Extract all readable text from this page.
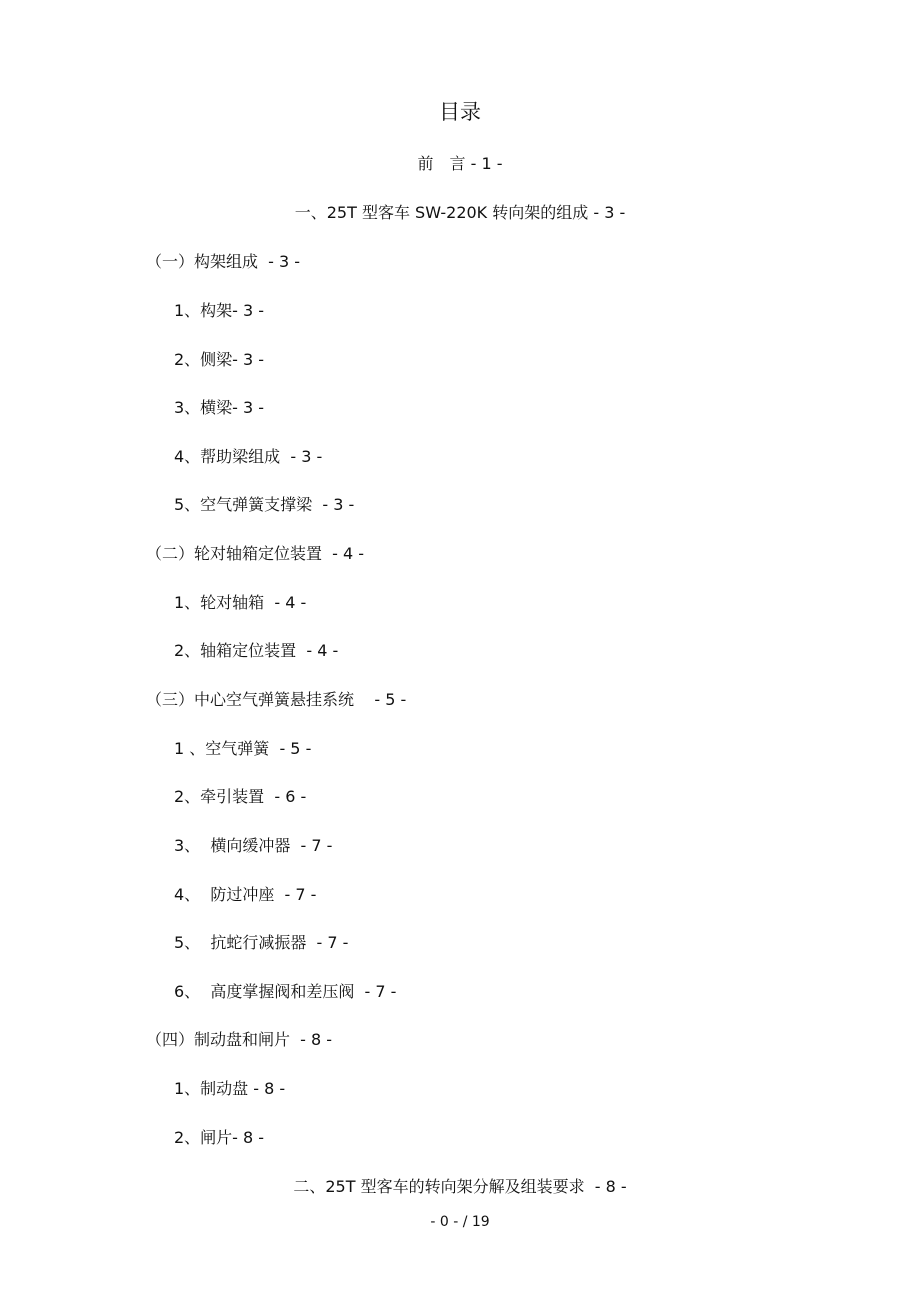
目录
前　言 - 1 -
一、25T 型客车 SW-220K 转向架的组成 - 3 -
（一）构架组成  - 3 -
1、构架- 3 -
2、侧梁- 3 -
3、横梁- 3 -
4、帮助梁组成  - 3 -
5、空气弹簧支撑梁  - 3 -
（二）轮对轴箱定位装置  - 4 -
1、轮对轴箱  - 4 -
2、轴箱定位装置  - 4 -
（三）中心空气弹簧悬挂系统    - 5 -
1 、空气弹簧  - 5 -
2、牵引装置  - 6 -
3、  横向缓冲器  - 7 -
4、  防过冲座  - 7 -
5、  抗蛇行减振器  - 7 -
6、  高度掌握阀和差压阀  - 7 -
（四）制动盘和闸片  - 8 -
1、制动盘 - 8 -
2、闸片- 8 -
二、25T 型客车的转向架分解及组装要求  - 8 -
- 0 - / 19
